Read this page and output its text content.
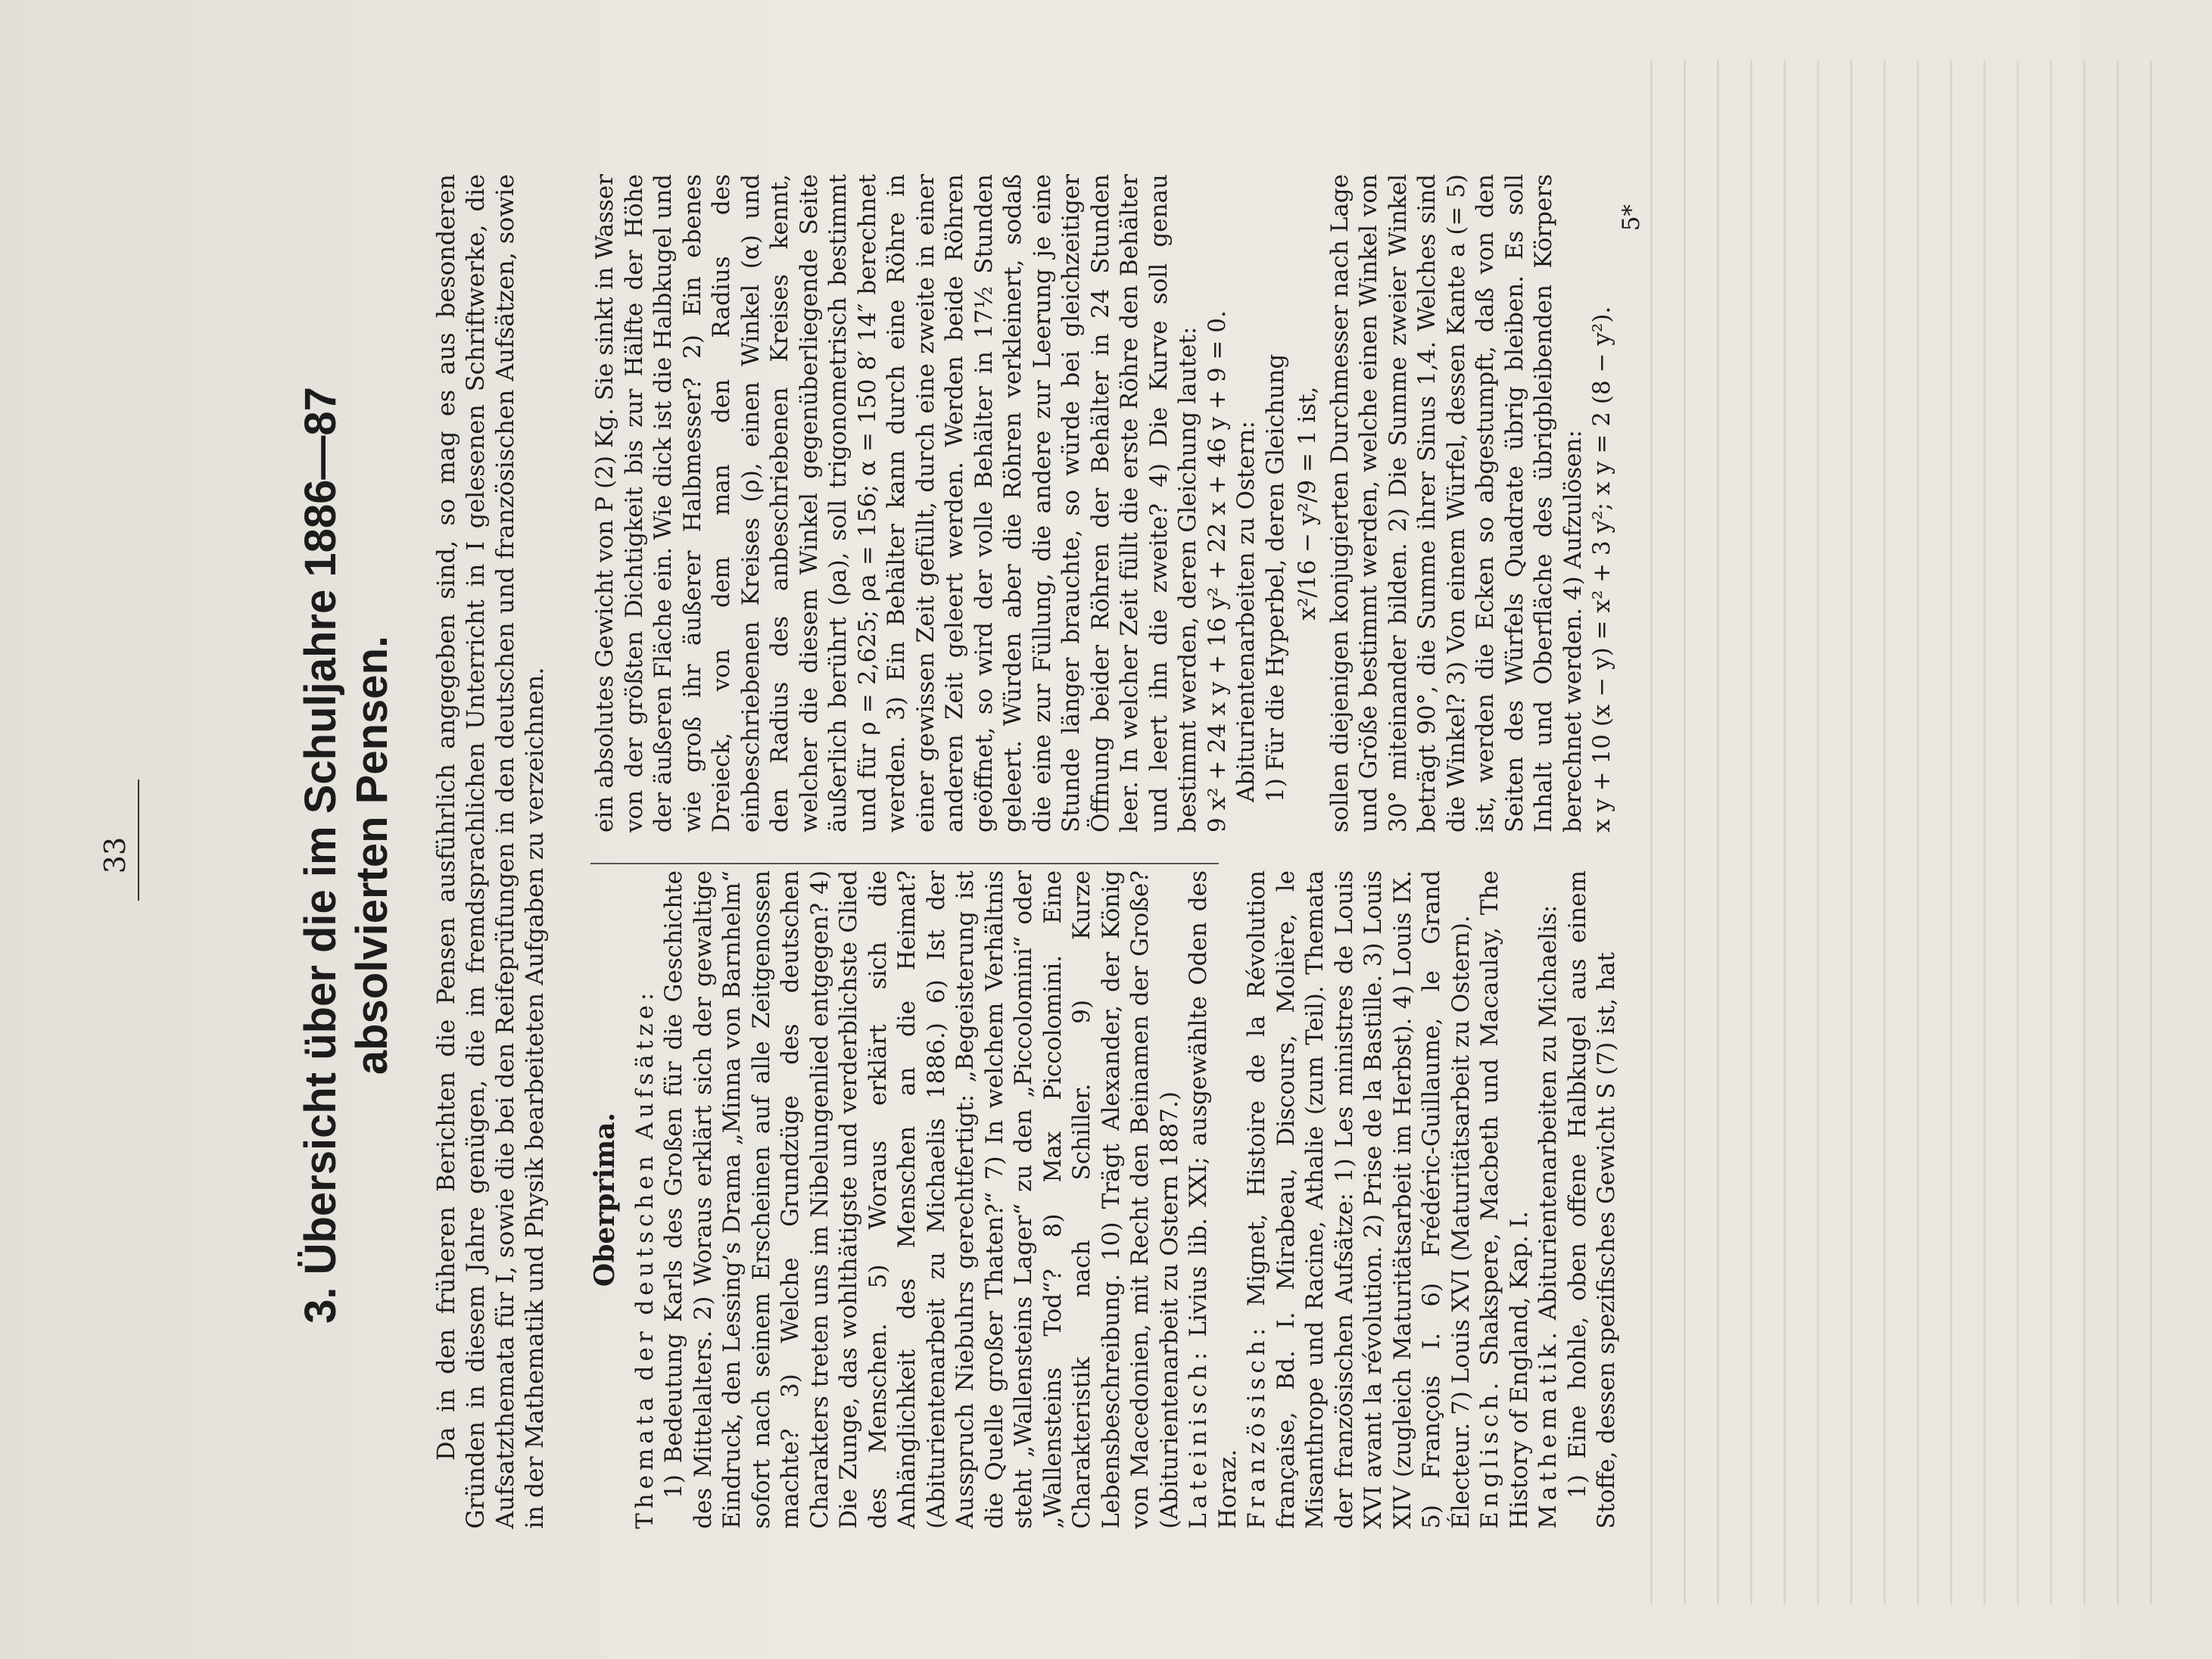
33	3. Übersicht über die im Schuljahre 1886—87 absolvierten Pensen. Da in den früheren Berichten die Pensen ausführlich angegeben sind, so mag es aus besonderen Gründen in diesem Jahre genügen, die im fremdsprachlichen Unterricht in I gelesenen Schriftwerke, die Aufsatzthemata für I, sowie die bei den Reifeprüfungen in den deutschen und französischen Aufsätzen, sowie in der Mathematik und Physik bearbeiteten Aufgaben zu verzeichnen. Oberprima. Themata der deutschen Aufsätze: 1) Bedeutung Karls des Großen für die Geschichte des Mittelalters. 2) Woraus erklärt sich der gewaltige Eindruck, den Lessing’s Drama „Minna von Barnhelm“ sofort nach seinem Erscheinen auf alle Zeitgenossen machte? 3) Welche Grundzüge des deutschen Charakters treten uns im Nibelungenlied entgegen? 4) Die Zunge, das wohlthätigste und verderblichste Glied des Menschen. 5) Woraus erklärt sich die Anhänglichkeit des Menschen an die Heimat? (Abiturientenarbeit zu Michaelis 1886.) 6) Ist der Ausspruch Niebuhrs gerechtfertigt: „Begeisterung ist die Quelle großer Thaten?“ 7) In welchem Verhältnis steht „Wallensteins Lager“ zu den „Piccolomini“ oder „Wallensteins Tod“? 8) Max Piccolomini. Eine Charakteristik nach Schiller. 9) Kurze Lebensbeschreibung. 10) Trägt Alexander, der König von Macedonien, mit Recht den Beinamen der Große? (Abiturientenarbeit zu Ostern 1887.) Lateinisch: Livius lib. XXI; ausgewählte Oden des Horaz. Französisch: Mignet, Histoire de la Révolution française, Bd. I. Mirabeau, Discours, Molière, le Misanthrope und Racine, Athalie (zum Teil). Themata der französischen Aufsätze: 1) Les ministres de Louis XVI avant la révolution. 2) Prise de la Bastille. 3) Louis XIV (zugleich Maturitätsarbeit im Herbst). 4) Louis IX. 5) François I. 6) Frédéric-Guillaume, le Grand Électeur. 7) Louis XVI (Maturitätsarbeit zu Ostern). Englisch. Shakspere, Macbeth und Macaulay, The History of England, Kap. I. Mathematik. Abiturientenarbeiten zu Michaelis: 1) Eine hohle, oben offene Halbkugel aus einem Stoffe, dessen spezifisches Gewicht S (7) ist, hat

ein absolutes Gewicht von P (2) Kg. Sie sinkt in Wasser von der größten Dichtigkeit bis zur Hälfte der Höhe der äußeren Fläche ein. Wie dick ist die Halbkugel und wie groß ihr äußerer Halbmesser? 2) Ein ebenes Dreieck, von dem man den Radius des einbeschriebenen Kreises (ρ), einen Winkel (α) und den Radius des anbeschriebenen Kreises kennt, welcher die diesem Winkel gegenüberliegende Seite äußerlich berührt (ρa), soll trigonometrisch bestimmt und für ρ = 2,625; ρa = 156; α = 150 8′ 14″ berechnet werden. 3) Ein Behälter kann durch eine Röhre in einer gewissen Zeit gefüllt, durch eine zweite in einer anderen Zeit geleert werden. Werden beide Röhren geöffnet, so wird der volle Behälter in 17½ Stunden geleert. Würden aber die Röhren verkleinert, sodaß die eine zur Füllung, die andere zur Leerung je eine Stunde länger brauchte, so würde bei gleichzeitiger Öffnung beider Röhren der Behälter in 24 Stunden leer. In welcher Zeit füllt die erste Röhre den Behälter und leert ihn die zweite? 4) Die Kurve soll genau bestimmt werden, deren Gleichung lautet: 9 x² + 24 x y + 16 y² + 22 x + 46 y + 9 = 0. Abiturientenarbeiten zu Ostern: 1) Für die Hyperbel, deren Gleichung x²/16 − y²/9 = 1 ist, sollen diejenigen konjugierten Durchmesser nach Lage und Größe bestimmt werden, welche einen Winkel von 30° miteinander bilden. 2) Die Summe zweier Winkel beträgt 90°, die Summe ihrer Sinus 1,4. Welches sind die Winkel? 3) Von einem Würfel, dessen Kante a (= 5) ist, werden die Ecken so abgestumpft, daß von den Seiten des Würfels Quadrate übrig bleiben. Es soll Inhalt und Oberfläche des übrigbleibenden Körpers berechnet werden. 4) Aufzulösen: x y + 10 (x − y) = x² + 3 y²; x y = 2 (8 − y²).

5*
